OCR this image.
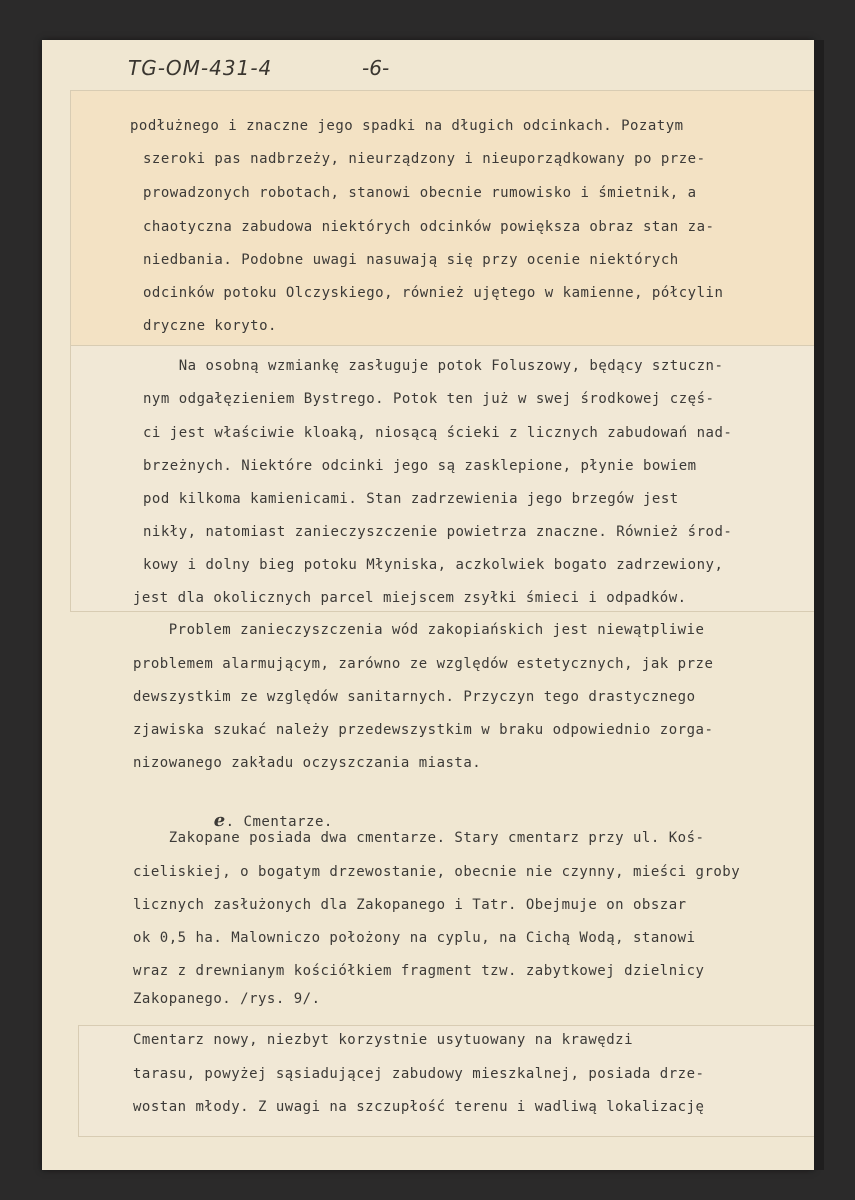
TG-OM-431-4	-6-
podłużnego i znaczne jego spadki na długich odcinkach. Pozatym
szeroki pas nadbrzeży, nieurządzony i nieuporządkowany po prze-
prowadzonych robotach, stanowi obecnie rumowisko i śmietnik, a
chaotyczna zabudowa niektórych odcinków powiększa obraz stan za-
niedbania. Podobne uwagi nasuwają się przy ocenie niektórych
odcinków potoku Olczyskiego, również ujętego w kamienne, półcylin
dryczne koryto.
Na osobną wzmiankę zasługuje potok Foluszowy, będący sztuczn-
nym odgałęzieniem Bystrego. Potok ten już w swej środkowej częś-
ci jest właściwie kloaką, niosącą ścieki z licznych zabudowań nad-
brzeżnych. Niektóre odcinki jego są zasklepione, płynie bowiem
pod kilkoma kamienicami. Stan zadrzewienia jego brzegów jest
nikły, natomiast zanieczyszczenie powietrza znaczne. Również środ-
kowy i dolny bieg potoku Młyniska, aczkolwiek bogato zadrzewiony,
jest dla okolicznych parcel miejscem zsyłki śmieci i odpadków.
Problem zanieczyszczenia wód zakopiańskich jest niewątpliwie
problemem alarmującym, zarówno ze względów estetycznych, jak prze
dewszystkim ze względów sanitarnych. Przyczyn tego drastycznego
zjawiska szukać należy przedewszystkim w braku odpowiednio zorga-
nizowanego zakładu oczyszczania miasta.

e. Cmentarze.

Zakopane posiada dwa cmentarze. Stary cmentarz przy ul. Koś-
cieliskiej, o bogatym drzewostanie, obecnie nie czynny, mieści groby
licznych zasłużonych dla Zakopanego i Tatr. Obejmuje on obszar
ok 0,5 ha. Malowniczo położony na cyplu, na Cichą Wodą, stanowi
wraz z drewnianym kościółkiem fragment tzw. zabytkowej dzielnicy
Zakopanego. /rys. 9/.
Cmentarz nowy, niezbyt korzystnie usytuowany na krawędzi
tarasu, powyżej sąsiadującej zabudowy mieszkalnej, posiada drze-
wostan młody. Z uwagi na szczupłość terenu i wadliwą lokalizację
